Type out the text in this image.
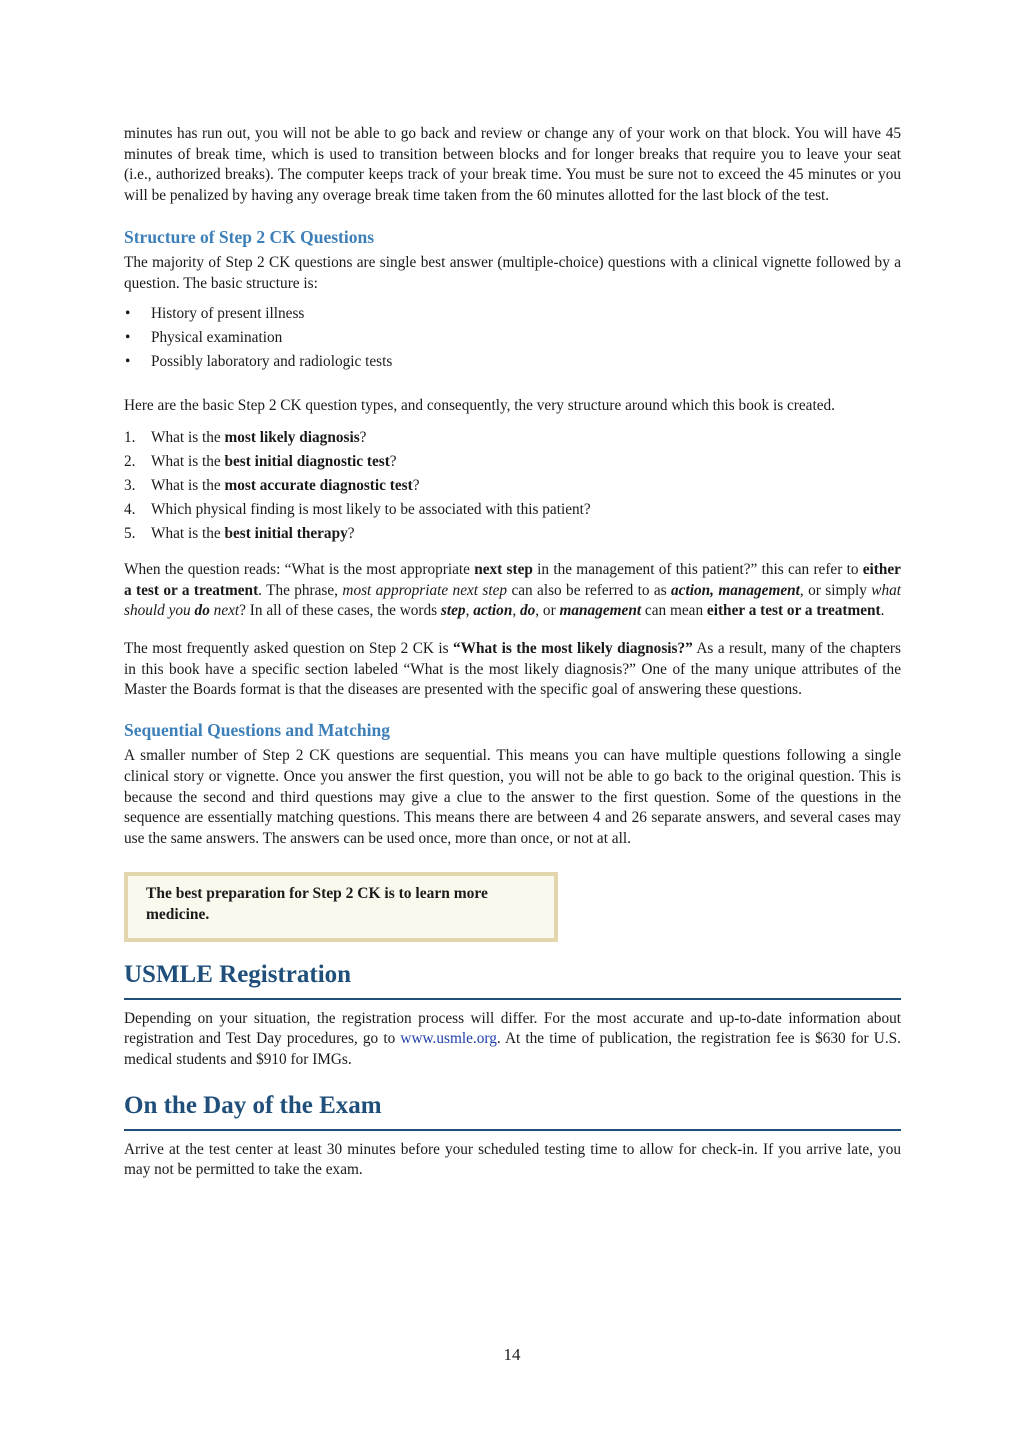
minutes has run out, you will not be able to go back and review or change any of your work on that block. You will have 45 minutes of break time, which is used to transition between blocks and for longer breaks that require you to leave your seat (i.e., authorized breaks). The computer keeps track of your break time. You must be sure not to exceed the 45 minutes or you will be penalized by having any overage break time taken from the 60 minutes allotted for the last block of the test.

Structure of Step 2 CK Questions

The majority of Step 2 CK questions are single best answer (multiple-choice) questions with a clinical vignette followed by a question. The basic structure is:

• History of present illness
• Physical examination
• Possibly laboratory and radiologic tests

Here are the basic Step 2 CK question types, and consequently, the very structure around which this book is created.

1. What is the most likely diagnosis?
2. What is the best initial diagnostic test?
3. What is the most accurate diagnostic test?
4. Which physical finding is most likely to be associated with this patient?
5. What is the best initial therapy?

When the question reads: “What is the most appropriate next step in the management of this patient?” this can refer to either a test or a treatment. The phrase, most appropriate next step can also be referred to as action, management, or simply what should you do next? In all of these cases, the words step, action, do, or management can mean either a test or a treatment.

The most frequently asked question on Step 2 CK is “What is the most likely diagnosis?” As a result, many of the chapters in this book have a specific section labeled “What is the most likely diagnosis?” One of the many unique attributes of the Master the Boards format is that the diseases are presented with the specific goal of answering these questions.

Sequential Questions and Matching

A smaller number of Step 2 CK questions are sequential. This means you can have multiple questions following a single clinical story or vignette. Once you answer the first question, you will not be able to go back to the original question. This is because the second and third questions may give a clue to the answer to the first question. Some of the questions in the sequence are essentially matching questions. This means there are between 4 and 26 separate answers, and several cases may use the same answers. The answers can be used once, more than once, or not at all.

The best preparation for Step 2 CK is to learn more medicine.

USMLE Registration

Depending on your situation, the registration process will differ. For the most accurate and up-to-date information about registration and Test Day procedures, go to www.usmle.org. At the time of publication, the registration fee is $630 for U.S. medical students and $910 for IMGs.

On the Day of the Exam

Arrive at the test center at least 30 minutes before your scheduled testing time to allow for check-in. If you arrive late, you may not be permitted to take the exam.

14
